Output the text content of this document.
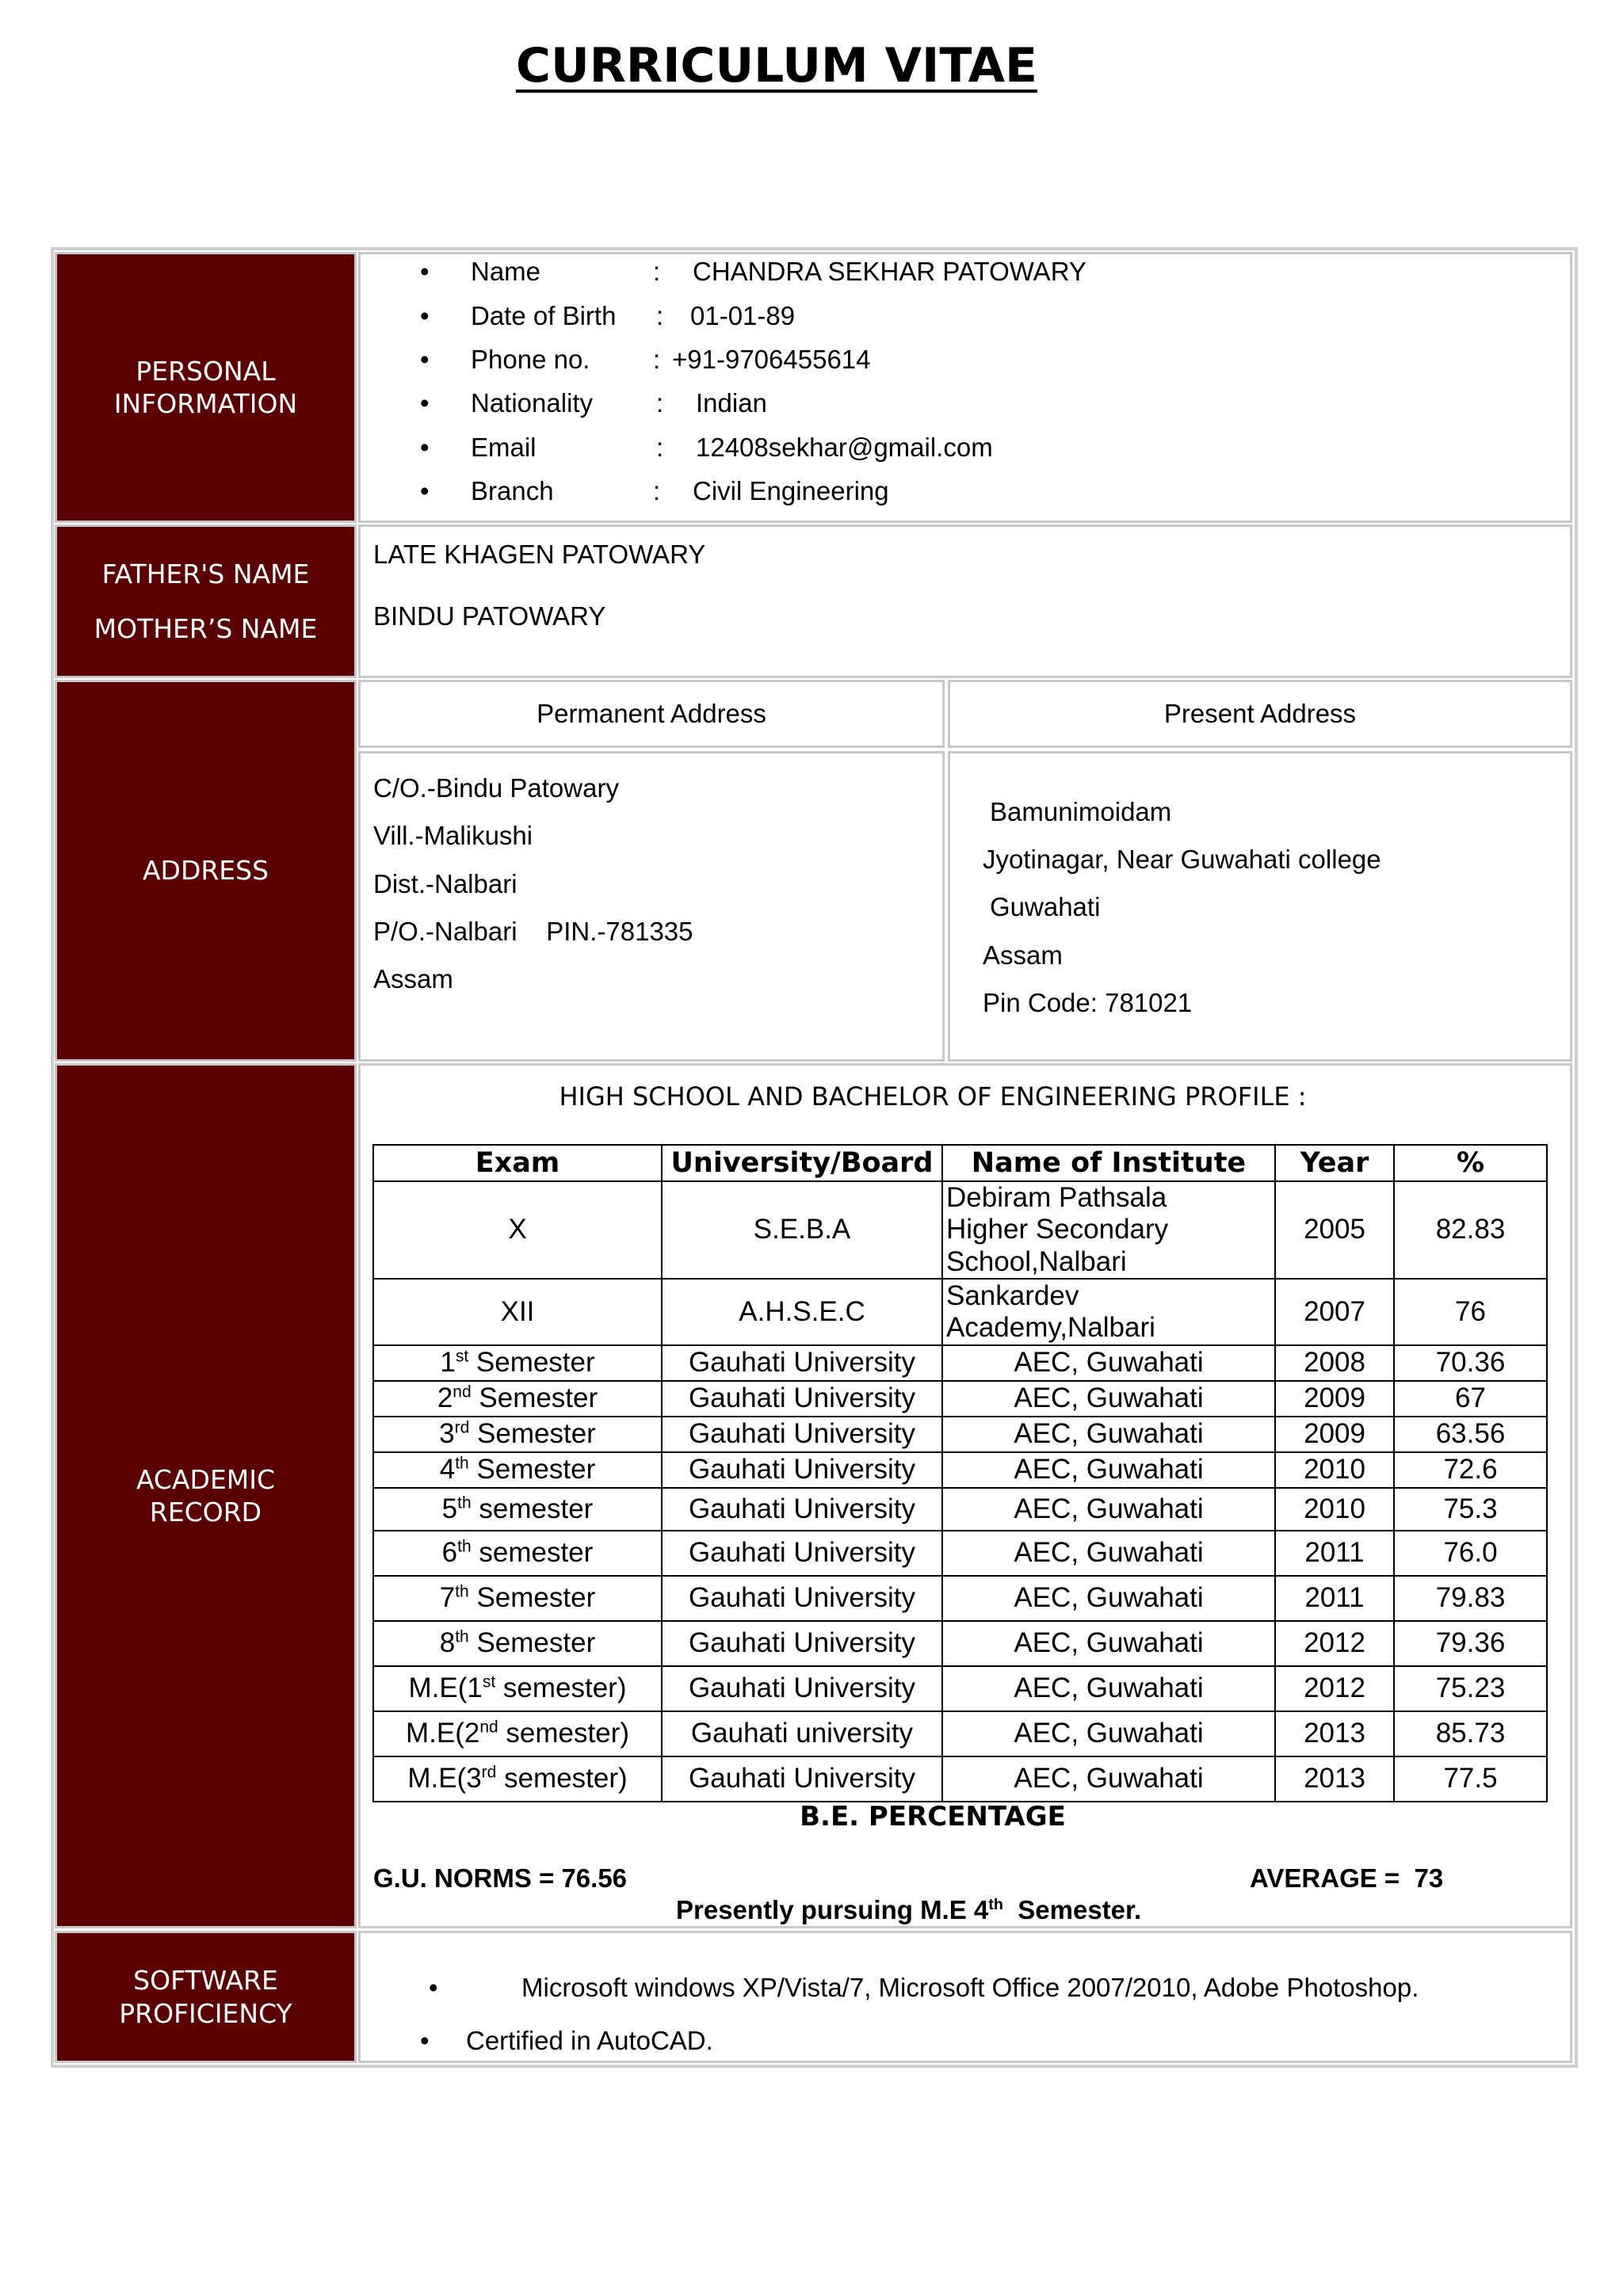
CURRICULUM VITAE
PERSONAL
INFORMATION
• Name	: CHANDRA SEKHAR PATOWARY
• Date of Birth : 01-01-89
• Phone no. : +91-9706455614
• Nationality : Indian
• Email	: 12408sekhar@gmail.com
• Branch	: Civil Engineering
FATHER'S NAME
MOTHER’S NAME
LATE KHAGEN PATOWARY
BINDU PATOWARY
ADDRESS
Permanent Address	Present Address
C/O.-Bindu Patowary
Vill.-Malikushi
Dist.-Nalbari
P/O.-Nalbari    PIN.-781335
Assam
Bamunimoidam
Jyotinagar, Near Guwahati college
Guwahati
Assam
Pin Code: 781021
ACADEMIC
RECORD
HIGH SCHOOL AND BACHELOR OF ENGINEERING PROFILE :
Exam	University/Board	Name of Institute	Year	%
X	S.E.B.A	Debiram Pathsala
Higher Secondary
School,Nalbari	2005	82.83
XII	A.H.S.E.C	Sankardev
Academy,Nalbari	2007	76
1st Semester	Gauhati University	AEC, Guwahati	2008	70.36
2nd Semester	Gauhati University	AEC, Guwahati	2009	67
3rd Semester	Gauhati University	AEC, Guwahati	2009	63.56
4th Semester	Gauhati University	AEC, Guwahati	2010	72.6
5th semester	Gauhati University	AEC, Guwahati	2010	75.3
6th semester	Gauhati University	AEC, Guwahati	2011	76.0
7th Semester	Gauhati University	AEC, Guwahati	2011	79.83
8th Semester	Gauhati University	AEC, Guwahati	2012	79.36
M.E(1st semester)	Gauhati University	AEC, Guwahati	2012	75.23
M.E(2nd semester)	Gauhati university	AEC, Guwahati	2013	85.73
M.E(3rd semester)	Gauhati University	AEC, Guwahati	2013	77.5
B.E. PERCENTAGE
G.U. NORMS = 76.56	AVERAGE =  73
Presently pursuing M.E 4th  Semester.
SOFTWARE
PROFICIENCY
•	Microsoft windows XP/Vista/7, Microsoft Office 2007/2010, Adobe Photoshop.
• Certified in AutoCAD.
